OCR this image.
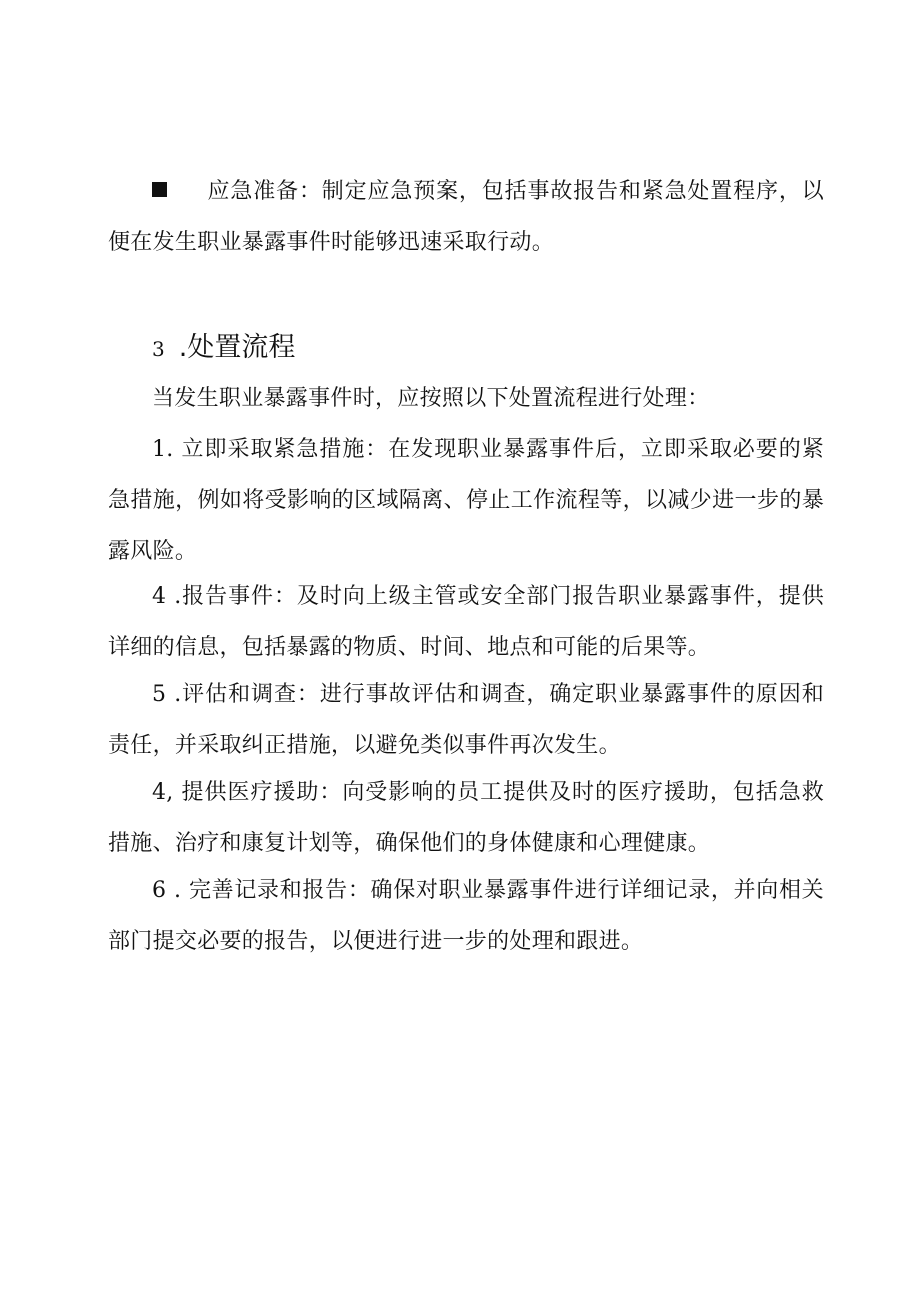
应急准备：制定应急预案，包括事故报告和紧急处置程序，以便在发生职业暴露事件时能够迅速采取行动。

3 .处置流程

当发生职业暴露事件时，应按照以下处置流程进行处理：

1. 立即采取紧急措施：在发现职业暴露事件后，立即采取必要的紧急措施，例如将受影响的区域隔离、停止工作流程等，以减少进一步的暴露风险。

4 .报告事件：及时向上级主管或安全部门报告职业暴露事件，提供详细的信息，包括暴露的物质、时间、地点和可能的后果等。

5 .评估和调查：进行事故评估和调查，确定职业暴露事件的原因和责任，并采取纠正措施，以避免类似事件再次发生。

4, 提供医疗援助：向受影响的员工提供及时的医疗援助，包括急救措施、治疗和康复计划等，确保他们的身体健康和心理健康。

6 . 完善记录和报告：确保对职业暴露事件进行详细记录，并向相关部门提交必要的报告，以便进行进一步的处理和跟进。
